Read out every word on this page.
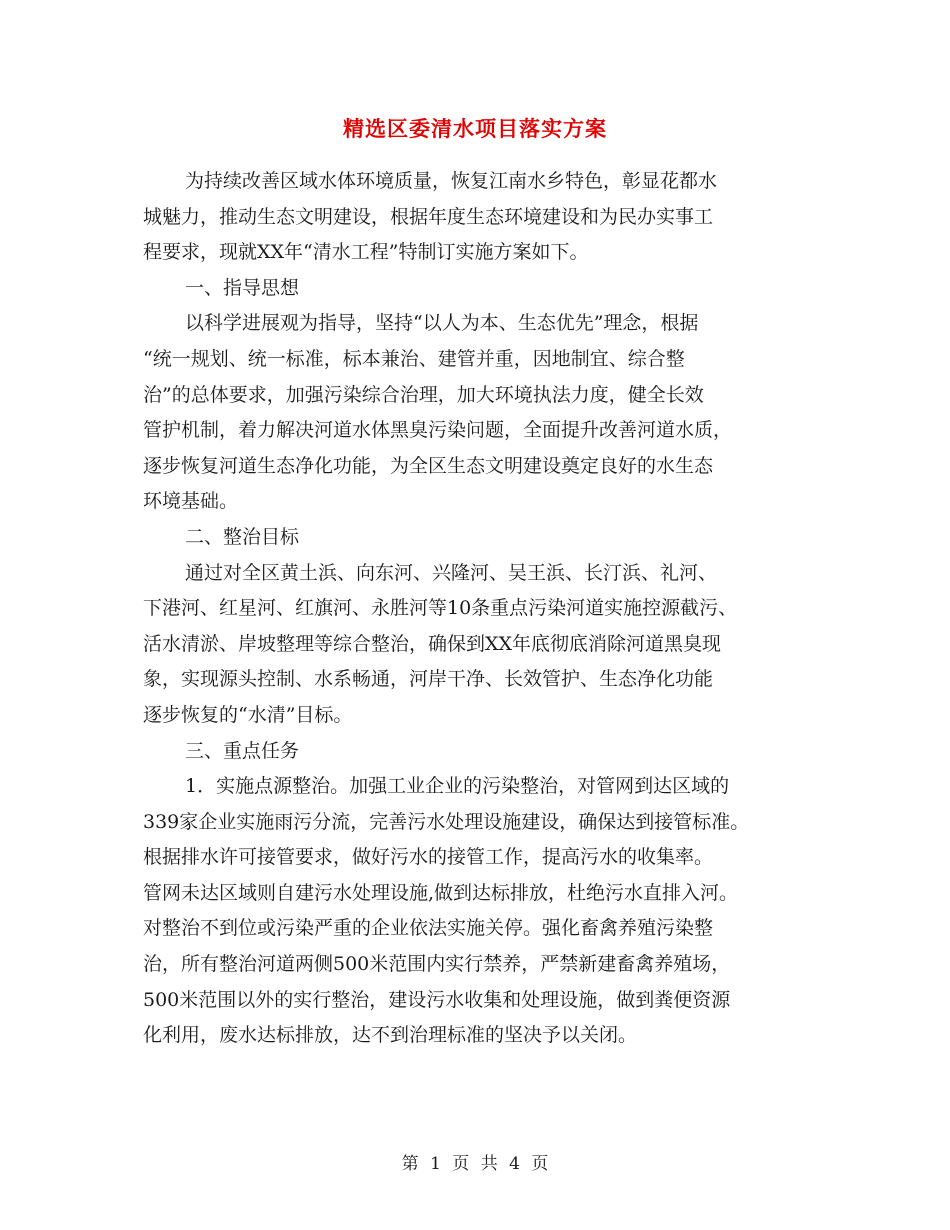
精选区委清水项目落实方案
为持续改善区域水体环境质量，恢复江南水乡特色，彰显花都水
城魅力，推动生态文明建设，根据年度生态环境建设和为民办实事工
程要求，现就XX年“清水工程”特制订实施方案如下。
一、指导思想
以科学进展观为指导，坚持“以人为本、生态优先”理念，根据
“统一规划、统一标准，标本兼治、建管并重，因地制宜、综合整
治”的总体要求，加强污染综合治理，加大环境执法力度，健全长效
管护机制，着力解决河道水体黑臭污染问题，全面提升改善河道水质，
逐步恢复河道生态净化功能，为全区生态文明建设奠定良好的水生态
环境基础。
二、整治目标
通过对全区黄土浜、向东河、兴隆河、吴王浜、长汀浜、礼河、
下港河、红星河、红旗河、永胜河等10条重点污染河道实施控源截污、
活水清淤、岸坡整理等综合整治，确保到XX年底彻底消除河道黑臭现
象，实现源头控制、水系畅通，河岸干净、长效管护、生态净化功能
逐步恢复的“水清”目标。
三、重点任务
1．实施点源整治。加强工业企业的污染整治，对管网到达区域的
339家企业实施雨污分流，完善污水处理设施建设，确保达到接管标准。
根据排水许可接管要求，做好污水的接管工作，提高污水的收集率。
管网未达区域则自建污水处理设施,做到达标排放，杜绝污水直排入河。
对整治不到位或污染严重的企业依法实施关停。强化畜禽养殖污染整
治，所有整治河道两侧500米范围内实行禁养，严禁新建畜禽养殖场，
500米范围以外的实行整治，建设污水收集和处理设施，做到粪便资源
化利用，废水达标排放，达不到治理标准的坚决予以关闭。
第 1 页 共 4 页
